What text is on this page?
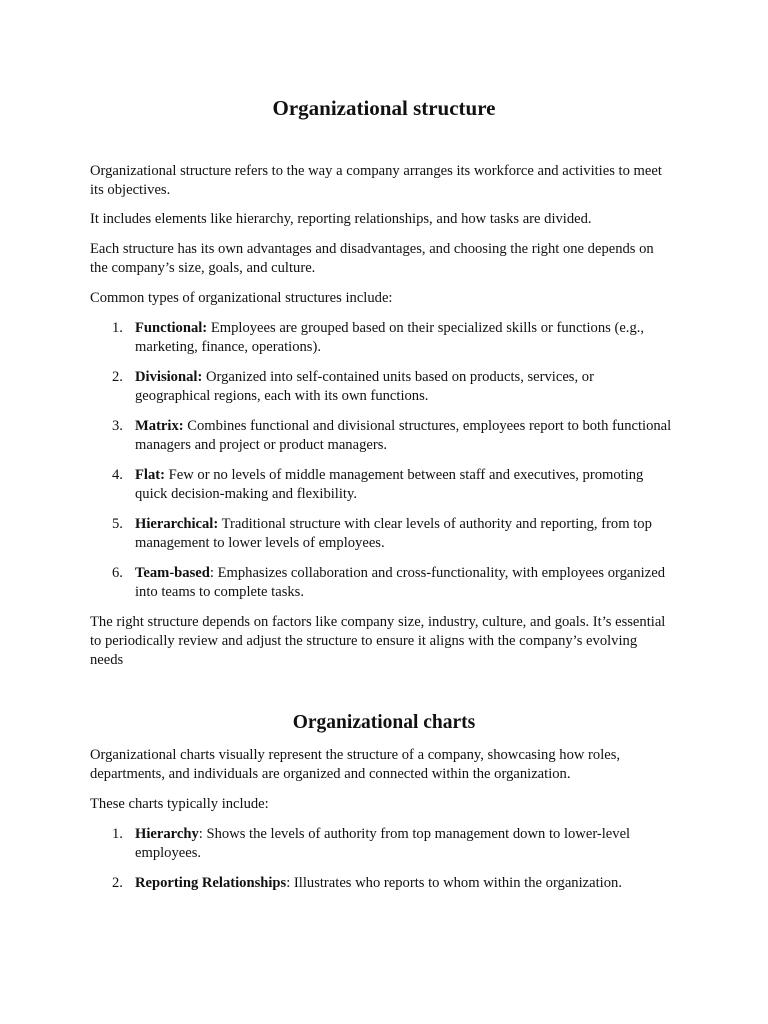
Organizational structure

Organizational structure refers to the way a company arranges its workforce and activities to meet its objectives.

It includes elements like hierarchy, reporting relationships, and how tasks are divided.

Each structure has its own advantages and disadvantages, and choosing the right one depends on the company’s size, goals, and culture.

Common types of organizational structures include:

1. Functional: Employees are grouped based on their specialized skills or functions (e.g., marketing, finance, operations).
2. Divisional: Organized into self-contained units based on products, services, or geographical regions, each with its own functions.
3. Matrix: Combines functional and divisional structures, employees report to both functional managers and project or product managers.
4. Flat: Few or no levels of middle management between staff and executives, promoting quick decision-making and flexibility.
5. Hierarchical: Traditional structure with clear levels of authority and reporting, from top management to lower levels of employees.
6. Team-based: Emphasizes collaboration and cross-functionality, with employees organized into teams to complete tasks.

The right structure depends on factors like company size, industry, culture, and goals. It’s essential to periodically review and adjust the structure to ensure it aligns with the company’s evolving needs

Organizational charts

Organizational charts visually represent the structure of a company, showcasing how roles, departments, and individuals are organized and connected within the organization.

These charts typically include:

1. Hierarchy: Shows the levels of authority from top management down to lower-level employees.
2. Reporting Relationships: Illustrates who reports to whom within the organization.
